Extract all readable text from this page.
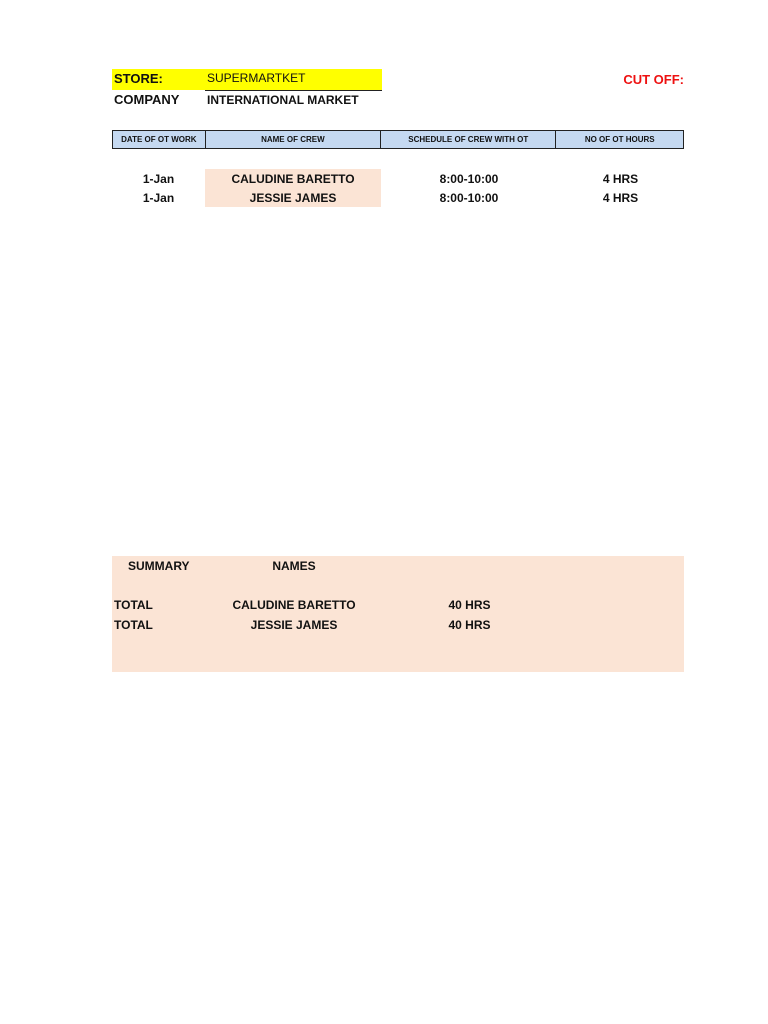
STORE:	SUPERMARTKET
COMPANY INTERNATIONAL MARKET
CUT OFF:
DATE OF OT WORK	NAME OF CREW	SCHEDULE OF CREW WITH OT	NO OF OT HOURS
1-Jan	CALUDINE BARETTO	8:00-10:00	4 HRS
1-Jan	JESSIE JAMES	8:00-10:00	4 HRS
SUMMARY	NAMES
TOTAL	CALUDINE BARETTO	40 HRS
TOTAL	JESSIE JAMES	40 HRS
